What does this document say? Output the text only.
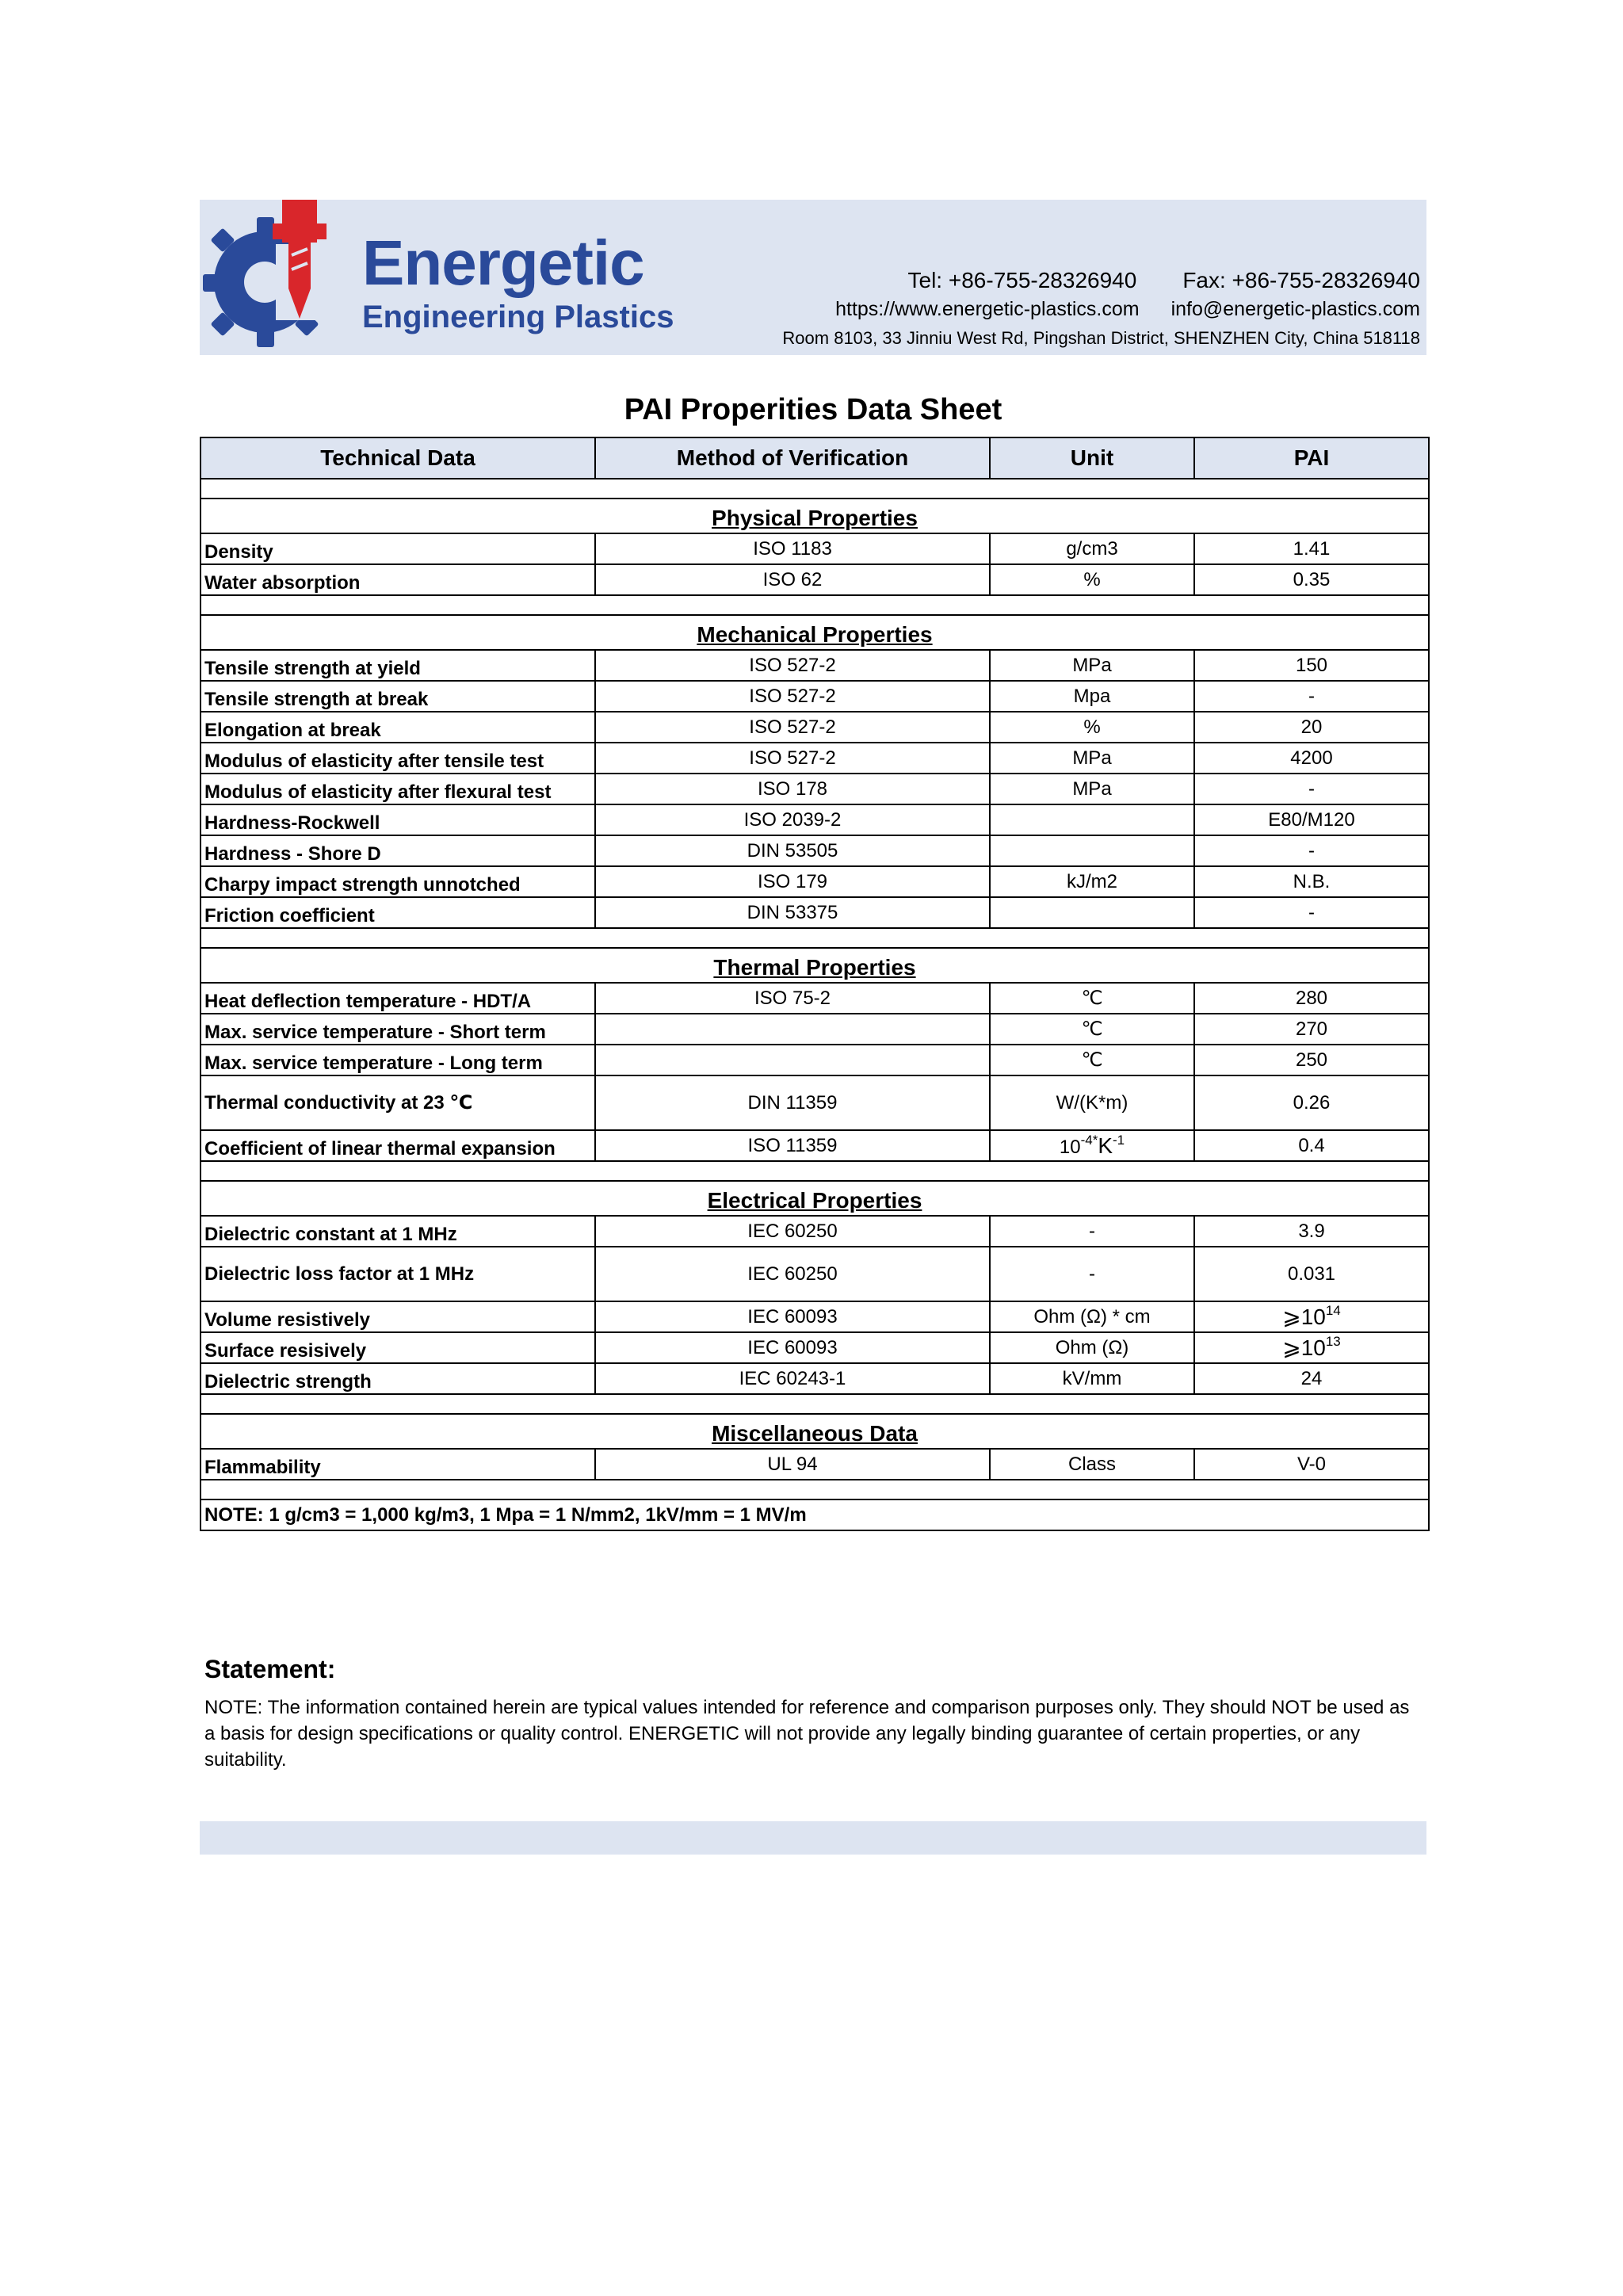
Energetic
Engineering Plastics
Tel: +86-755-28326940 Fax: +86-755-28326940
https://www.energetic-plastics.com info@energetic-plastics.com
Room 8103, 33 Jinniu West Rd, Pingshan District, SHENZHEN City, China 518118
PAI Properities Data Sheet
Technical Data	Method of Verification	Unit	PAI

Physical Properties			
Density	ISO 1183	g/cm3	1.41
Water absorption	ISO 62	%	0.35

Mechanical Properties			
Tensile strength at yield	ISO 527-2	MPa	150
Tensile strength at break	ISO 527-2	Mpa	-
Elongation at break	ISO 527-2	%	20
Modulus of elasticity after tensile test	ISO 527-2	MPa	4200
Modulus of elasticity after flexural test	ISO 178	MPa	-
Hardness-Rockwell	ISO 2039-2		E80/M120
Hardness - Shore D	DIN 53505		-
Charpy impact strength unnotched	ISO 179	kJ/m2	N.B.
Friction coefficient	DIN 53375		-

Thermal Properties			
Heat deflection temperature - HDT/A	ISO 75-2	℃	280
Max. service temperature - Short term		℃	270
Max. service temperature - Long term		℃	250
Thermal conductivity at 23 ℃	DIN 11359	W/(K*m)	0.26
Coefficient of linear thermal expansion	ISO 11359	$10^{-4*}K^{-1}$	0.4

Electrical Properties			
Dielectric constant at 1 MHz	IEC 60250	-	3.9
Dielectric loss factor at 1 MHz	IEC 60250	-	0.031
Volume resistively	IEC 60093	Ohm (Ω) * cm	$⩾10^{14}$
Surface resisively	IEC 60093	Ohm (Ω)	$⩾10^{13}$
Dielectric strength	IEC 60243-1	kV/mm	24

Miscellaneous Data			
Flammability	UL 94	Class	V-0

NOTE: 1 g/cm3 = 1,000 kg/m3, 1 Mpa = 1 N/mm2, 1kV/mm = 1 MV/m			
Statement:
NOTE: The information contained herein are typical values intended for reference and comparison purposes only. They should NOT be used as a basis for design specifications or quality control. ENERGETIC will not provide any legally binding guarantee of certain properties, or any suitability.
